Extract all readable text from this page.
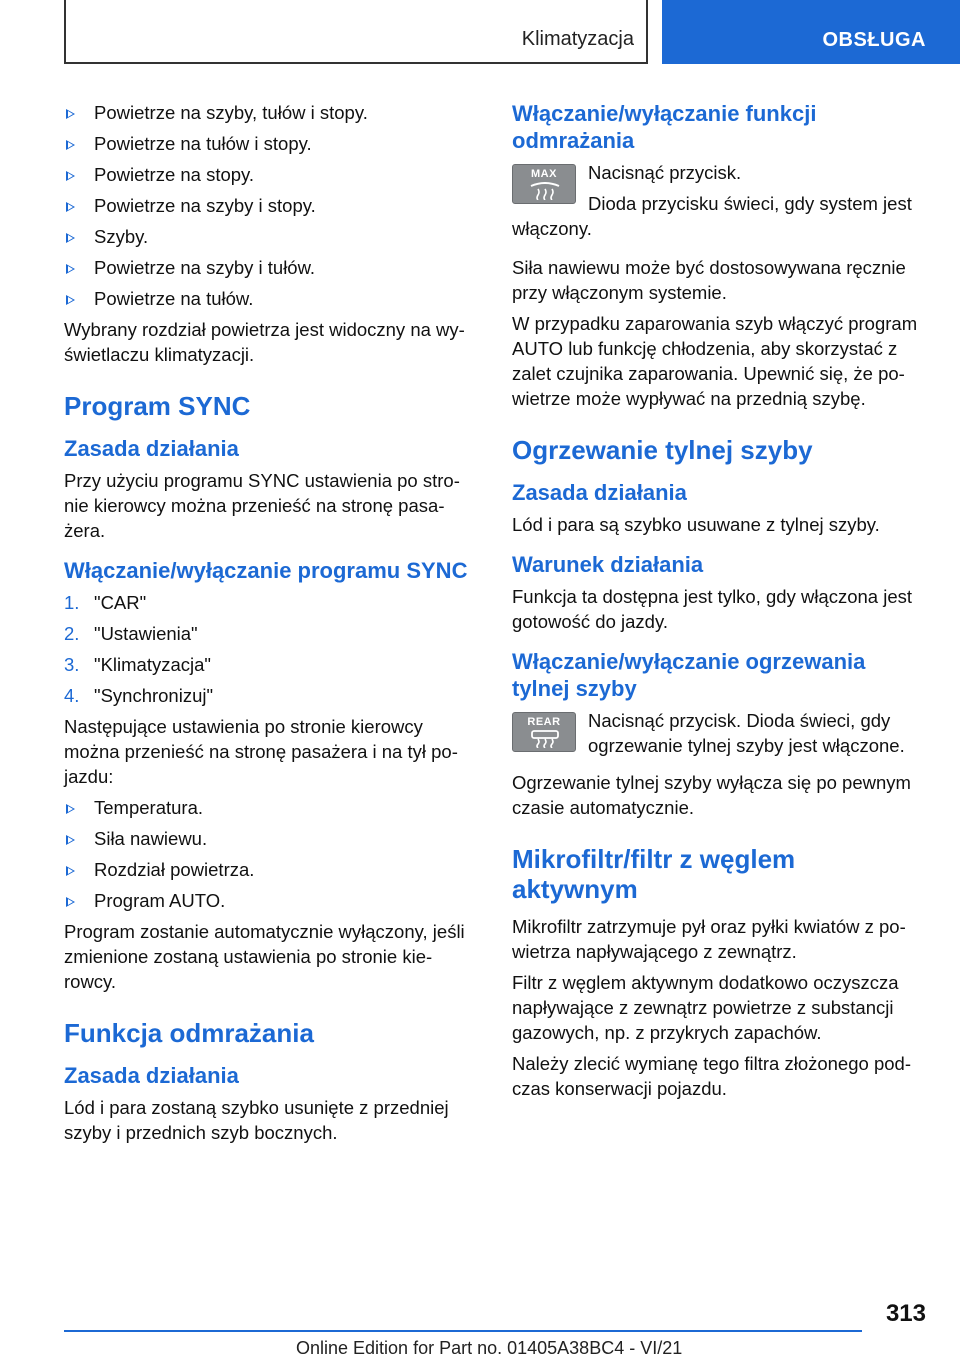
Klimatyzacja	OBSŁUGA
Powietrze na szyby, tułów i stopy.
Powietrze na tułów i stopy.
Powietrze na stopy.
Powietrze na szyby i stopy.
Szyby.
Powietrze na szyby i tułów.
Powietrze na tułów.

Wybrany rozdział powietrza jest widoczny na wyświetlaczu klimatyzacji.

Program SYNC
Zasada działania

Przy użyciu programu SYNC ustawienia po stronie kierowcy można przenieść na stronę pasażera.

Włączanie/wyłączanie programu SYNC
1. "CAR"
2. "Ustawienia"
3. "Klimatyzacja"
4. "Synchronizuj"

Następujące ustawienia po stronie kierowcy można przenieść na stronę pasażera i na tył pojazdu:

Temperatura.
Siła nawiewu.
Rozdział powietrza.
Program AUTO.

Program zostanie automatycznie wyłączony, jeśli zmienione zostaną ustawienia po stronie kierowcy.

Funkcja odmrażania
Zasada działania

Lód i para zostaną szybko usunięte z przedniej szyby i przednich szyb bocznych.

Włączanie/wyłączanie funkcji odmrażania
MAX	Nacisnąć przycisk.

Dioda przycisku świeci, gdy system jest włączony.

Siła nawiewu może być dostosowywana ręcznie przy włączonym systemie.

W przypadku zaparowania szyb włączyć program AUTO lub funkcję chłodzenia, aby skorzystać z zalet czujnika zaparowania. Upewnić się, że powietrze może wypływać na przednią szybę.

Ogrzewanie tylnej szyby
Zasada działania

Lód i para są szybko usuwane z tylnej szyby.

Warunek działania

Funkcja ta dostępna jest tylko, gdy włączona jest gotowość do jazdy.

Włączanie/wyłączanie ogrzewania tylnej szyby
REAR	Nacisnąć przycisk. Dioda świeci, gdy ogrzewanie tylnej szyby jest włączone.

Ogrzewanie tylnej szyby wyłącza się po pewnym czasie automatycznie.

Mikrofiltr/filtr z węglem aktywnym

Mikrofiltr zatrzymuje pył oraz pyłki kwiatów z powietrza napływającego z zewnątrz.

Filtr z węglem aktywnym dodatkowo oczyszcza napływające z zewnątrz powietrze z substancji gazowych, np. z przykrych zapachów.

Należy zlecić wymianę tego filtra złożonego podczas konserwacji pojazdu.

313
Online Edition for Part no. 01405A38BC4 - VI/21
